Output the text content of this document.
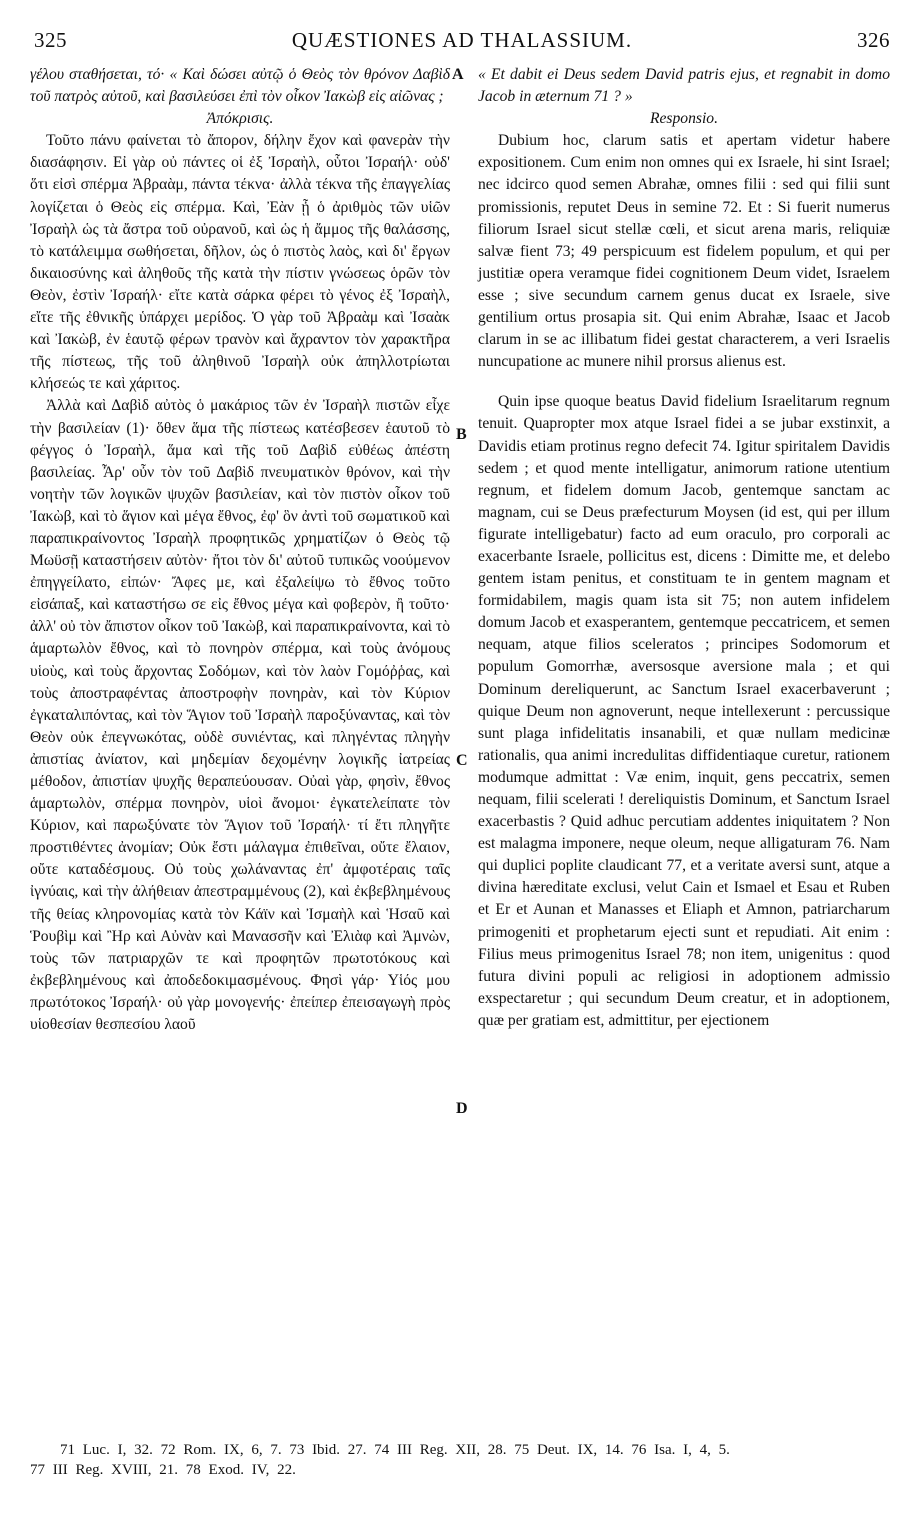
325	QUÆSTIONES AD THALASSIUM.	326

γέλου σταθήσεται, τό· « Καὶ δώσει αὐτῷ ὁ Θεὸς τὸν θρόνον Δαβὶδ τοῦ πατρὸς αὐτοῦ, καὶ βασιλεύσει ἐπὶ τὸν οἶκον Ἰακὼβ εἰς αἰῶνας ;

Ἀπόκρισις.

Τοῦτο πάνυ φαίνεται τὸ ἄπορον, δήλην ἔχον καὶ φανερὰν τὴν διασάφησιν. Εἰ γὰρ οὐ πάντες οἱ ἐξ Ἰσραὴλ, οὗτοι Ἰσραήλ· οὐδ' ὅτι εἰσὶ σπέρμα Ἀβραὰμ, πάντα τέκνα· ἀλλὰ τέκνα τῆς ἐπαγγελίας λογίζεται ὁ Θεὸς εἰς σπέρμα. Καὶ, Ἐὰν ᾖ ὁ ἀριθμὸς τῶν υἱῶν Ἰσραὴλ ὡς τὰ ἄστρα τοῦ οὐρανοῦ, καὶ ὡς ἡ ἄμμος τῆς θαλάσσης, τὸ κατάλειμμα σωθήσεται, δῆλον, ὡς ὁ πιστὸς λαὸς, καὶ δι' ἔργων δικαιοσύνης καὶ ἀληθοῦς τῆς κατὰ τὴν πίστιν γνώσεως ὁρῶν τὸν Θεὸν, ἐστὶν Ἰσραήλ· εἴτε κατὰ σάρκα φέρει τὸ γένος ἐξ Ἰσραὴλ, εἴτε τῆς ἐθνικῆς ὑπάρχει μερίδος. Ὁ γὰρ τοῦ Ἀβραὰμ καὶ Ἰσαὰκ καὶ Ἰακὼβ, ἐν ἑαυτῷ φέρων τρανὸν καὶ ἄχραντον τὸν χαρακτῆρα τῆς πίστεως, τῆς τοῦ ἀληθινοῦ Ἰσραὴλ οὐκ ἀπηλλοτρίωται κλήσεώς τε καὶ χάριτος.

Ἀλλὰ καὶ Δαβὶδ αὐτὸς ὁ μακάριος τῶν ἐν Ἰσραὴλ πιστῶν εἶχε τὴν βασιλείαν (1)· ὅθεν ἅμα τῆς πίστεως κατέσβεσεν ἑαυτοῦ τὸ φέγγος ὁ Ἰσραὴλ, ἅμα καὶ τῆς τοῦ Δαβὶδ εὐθέως ἀπέστη βασιλείας. Ἆρ' οὖν τὸν τοῦ Δαβὶδ πνευματικὸν θρόνον, καὶ τὴν νοητὴν τῶν λογικῶν ψυχῶν βασιλείαν, καὶ τὸν πιστὸν οἶκον τοῦ Ἰακὼβ, καὶ τὸ ἅγιον καὶ μέγα ἔθνος, ἐφ' ὃν ἀντὶ τοῦ σωματικοῦ καὶ παραπικραίνοντος Ἰσραὴλ προφητικῶς χρηματίζων ὁ Θεὸς τῷ Μωϋσῇ καταστήσειν αὐτὸν· ἤτοι τὸν δι' αὐτοῦ τυπικῶς νοούμενον ἐπηγγείλατο, εἰπών· Ἄφες με, καὶ ἐξαλείψω τὸ ἔθνος τοῦτο εἰσάπαξ, καὶ καταστήσω σε εἰς ἔθνος μέγα καὶ φοβερὸν, ἢ τοῦτο· ἀλλ' οὐ τὸν ἄπιστον οἶκον τοῦ Ἰακὼβ, καὶ παραπικραίνοντα, καὶ τὸ ἁμαρτωλὸν ἔθνος, καὶ τὸ πονηρὸν σπέρμα, καὶ τοὺς ἀνόμους υἱοὺς, καὶ τοὺς ἄρχοντας Σοδόμων, καὶ τὸν λαὸν Γομόῤῥας, καὶ τοὺς ἀποστραφέντας ἀποστροφὴν πονηρὰν, καὶ τὸν Κύριον ἐγκαταλιπόντας, καὶ τὸν Ἅγιον τοῦ Ἰσραὴλ παροξύναντας, καὶ τὸν Θεὸν οὐκ ἐπεγνωκότας, οὐδὲ συνιέντας, καὶ πληγέντας πληγὴν ἀπιστίας ἀνίατον, καὶ μηδεμίαν δεχομένην λογικῆς ἰατρείας μέθοδον, ἀπιστίαν ψυχῆς θεραπεύουσαν. Οὐαὶ γὰρ, φησὶν, ἔθνος ἁμαρτωλὸν, σπέρμα πονηρὸν, υἱοὶ ἄνομοι· ἐγκατελείπατε τὸν Κύριον, καὶ παρωξύνατε τὸν Ἅγιον τοῦ Ἰσραήλ· τί ἔτι πληγῆτε προστιθέντες ἀνομίαν; Οὐκ ἔστι μάλαγμα ἐπιθεῖναι, οὔτε ἔλαιον, οὔτε καταδέσμους. Οὐ τοὺς χωλάναντας ἐπ' ἀμφοτέραις ταῖς ἰγνύαις, καὶ τὴν ἀλήθειαν ἀπεστραμμένους (2), καὶ ἐκβεβλημένους τῆς θείας κληρονομίας κατὰ τὸν Κάϊν καὶ Ἰσμαὴλ καὶ Ἡσαῦ καὶ Ῥουβὶμ καὶ Ἢρ καὶ Αὐνὰν καὶ Μανασσῆν καὶ Ἐλιὰφ καὶ Ἀμνὼν, τοὺς τῶν πατριαρχῶν τε καὶ προφητῶν πρωτοτόκους καὶ ἐκβεβλημένους καὶ ἀποδεδοκιμασμένους. Φησὶ γάρ· Υἱός μου πρωτότοκος Ἰσραήλ· οὐ γὰρ μονογενής· ἐπείπερ ἐπεισαγωγὴ πρὸς υἱοθεσίαν θεσπεσίου λαοῦ

« Et dabit ei Deus sedem David patris ejus, et regnabit in domo Jacob in æternum 71 ? »

Responsio.

Dubium hoc, clarum satis et apertam videtur habere expositionem. Cum enim non omnes qui ex Israele, hi sint Israel; nec idcirco quod semen Abrahæ, omnes filii : sed qui filii sunt promissionis, reputet Deus in semine 72. Et : Si fuerit numerus filiorum Israel sicut stellæ cœli, et sicut arena maris, reliquiæ salvæ fient 73; 49 perspicuum est fidelem populum, et qui per justitiæ opera veramque fidei cognitionem Deum videt, Israelem esse ; sive secundum carnem genus ducat ex Israele, sive gentilium ortus prosapia sit. Qui enim Abrahæ, Isaac et Jacob clarum in se ac illibatum fidei gestat characterem, a veri Israelis nuncupatione ac munere nihil prorsus alienus est.

Quin ipse quoque beatus David fidelium Israelitarum regnum tenuit. Quapropter mox atque Israel fidei a se jubar exstinxit, a Davidis etiam protinus regno defecit 74. Igitur spiritalem Davidis sedem ; et quod mente intelligatur, animorum ratione utentium regnum, et fidelem domum Jacob, gentemque sanctam ac magnam, cui se Deus præfecturum Moysen (id est, qui per illum figurate intelligebatur) facto ad eum oraculo, pro corporali ac exacerbante Israele, pollicitus est, dicens : Dimitte me, et delebo gentem istam penitus, et constituam te in gentem magnam et formidabilem, magis quam ista sit 75; non autem infidelem domum Jacob et exasperantem, gentemque peccatricem, et semen nequam, atque filios sceleratos ; principes Sodomorum et populum Gomorrhæ, aversosque aversione mala ; et qui Dominum dereliquerunt, ac Sanctum Israel exacerbaverunt ; quique Deum non agnoverunt, neque intellexerunt : percussique sunt plaga infidelitatis insanabili, et quæ nullam medicinæ rationalis, qua animi incredulitas diffidentiaque curetur, rationem modumque admittat : Væ enim, inquit, gens peccatrix, semen nequam, filii scelerati ! dereliquistis Dominum, et Sanctum Israel exacerbastis ? Quid adhuc percutiam addentes iniquitatem ? Non est malagma imponere, neque oleum, neque alligaturam 76. Nam qui duplici poplite claudicant 77, et a veritate aversi sunt, atque a divina hæreditate exclusi, velut Cain et Ismael et Esau et Ruben et Er et Aunan et Manasses et Eliaph et Amnon, patriarcharum primogeniti et prophetarum ejecti sunt et repudiati. Ait enim : Filius meus primogenitus Israel 78; non item, unigenitus : quod futura divini populi ac religiosi in adoptionem admissio exspectaretur ; qui secundum Deum creatur, et in adoptionem, quæ per gratiam est, admittitur, per ejectionem

A
B
C
D
71 Luc. I, 32. 72 Rom. IX, 6, 7. 73 Ibid. 27. 74 III Reg. XII, 28. 75 Deut. IX, 14. 76 Isa. I, 4, 5.
77 III Reg. XVIII, 21. 78 Exod. IV, 22.
